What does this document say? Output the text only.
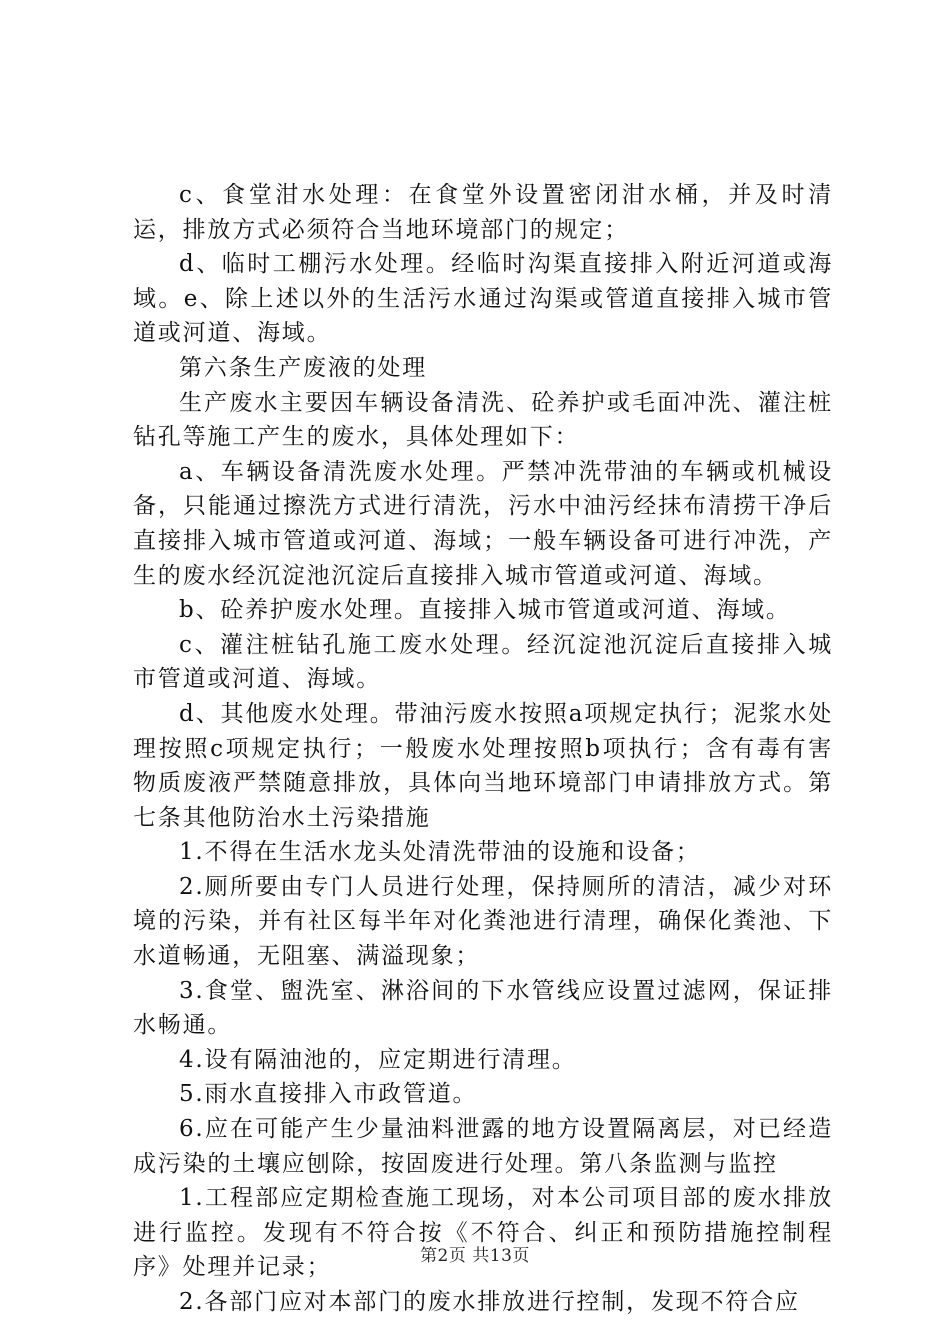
c、食堂泔水处理：在食堂外设置密闭泔水桶，并及时清运，排放方式必须符合当地环境部门的规定；

d、临时工棚污水处理。经临时沟渠直接排入附近河道或海域。e、除上述以外的生活污水通过沟渠或管道直接排入城市管道或河道、海域。

第六条生产废液的处理

生产废水主要因车辆设备清洗、砼养护或毛面冲洗、灌注桩钻孔等施工产生的废水，具体处理如下：

a、车辆设备清洗废水处理。严禁冲洗带油的车辆或机械设备，只能通过擦洗方式进行清洗，污水中油污经抹布清捞干净后直接排入城市管道或河道、海域；一般车辆设备可进行冲洗，产生的废水经沉淀池沉淀后直接排入城市管道或河道、海域。

b、砼养护废水处理。直接排入城市管道或河道、海域。

c、灌注桩钻孔施工废水处理。经沉淀池沉淀后直接排入城市管道或河道、海域。

d、其他废水处理。带油污废水按照a项规定执行；泥浆水处理按照c项规定执行；一般废水处理按照b项执行；含有毒有害物质废液严禁随意排放，具体向当地环境部门申请排放方式。第七条其他防治水土污染措施

1.不得在生活水龙头处清洗带油的设施和设备；

2.厕所要由专门人员进行处理，保持厕所的清洁，减少对环境的污染，并有社区每半年对化粪池进行清理，确保化粪池、下水道畅通，无阻塞、满溢现象；

3.食堂、盥洗室、淋浴间的下水管线应设置过滤网，保证排水畅通。

4.设有隔油池的，应定期进行清理。

5.雨水直接排入市政管道。

6.应在可能产生少量油料泄露的地方设置隔离层，对已经造成污染的土壤应刨除，按固废进行处理。第八条监测与监控

1.工程部应定期检查施工现场，对本公司项目部的废水排放进行监控。发现有不符合按《不符合、纠正和预防措施控制程序》处理并记录；

2.各部门应对本部门的废水排放进行控制，发现不符合应

第2页 共13页
